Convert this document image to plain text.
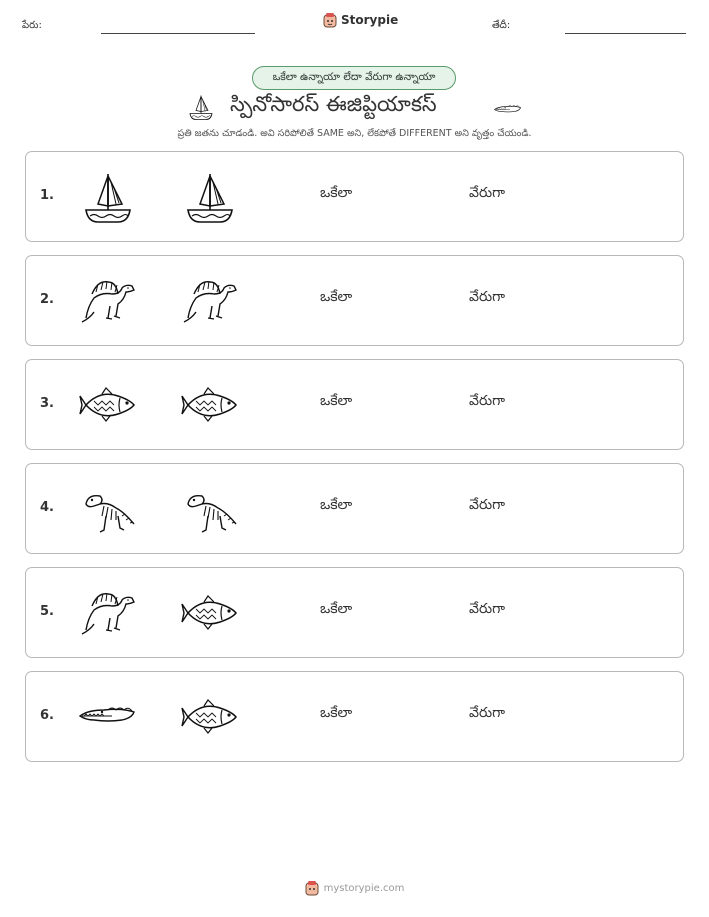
పేరు:	Storypie	తేదీ:
ఒకేలా ఉన్నాయా లేదా వేరుగా ఉన్నాయా
స్పినోసారస్ ఈజిప్టియాకస్
ప్రతి జతను చూడండి. అవి సరిపోలితే SAME అని, లేకపోతే DIFFERENT అని వృత్తం చేయండి.
1.	ఒకేలా	వేరుగా
2.	ఒకేలా	వేరుగా
3.	ఒకేలా	వేరుగా
4.	ఒకేలా	వేరుగా
5.	ఒకేలా	వేరుగా
6.	ఒకేలా	వేరుగా
mystorypie.com
